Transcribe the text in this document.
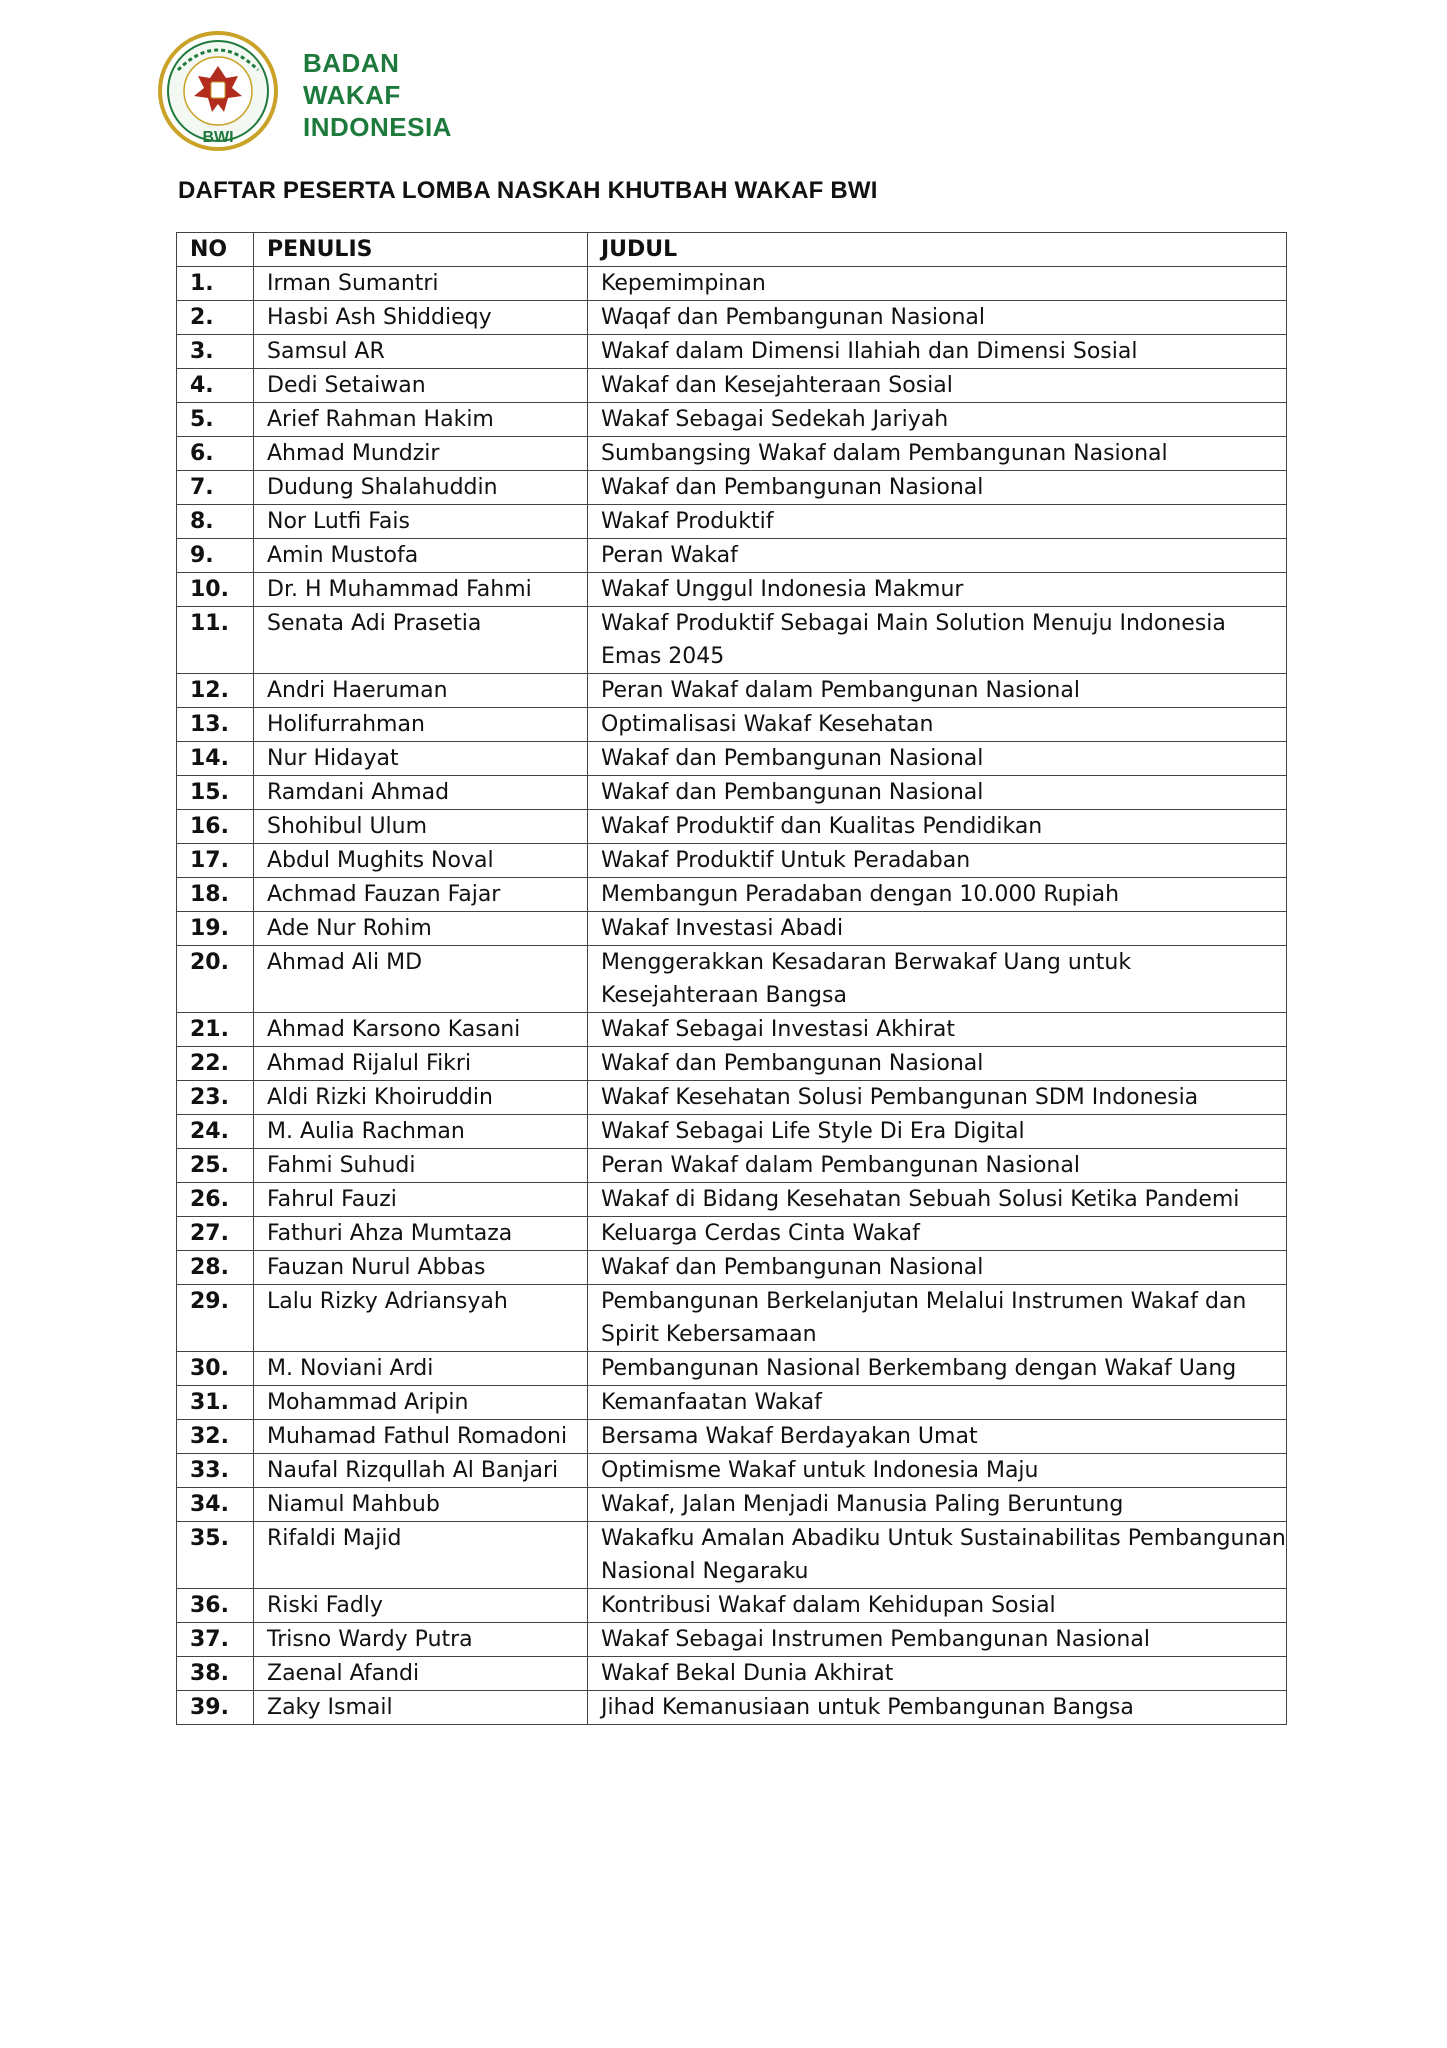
BWI
BADAN
WAKAF
INDONESIA
DAFTAR PESERTA LOMBA NASKAH KHUTBAH WAKAF BWI
NO	PENULIS	JUDUL
1.	Irman Sumantri	Kepemimpinan
2.	Hasbi Ash Shiddieqy	Waqaf dan Pembangunan Nasional
3.	Samsul AR	Wakaf dalam Dimensi Ilahiah dan Dimensi Sosial
4.	Dedi Setaiwan	Wakaf dan Kesejahteraan Sosial
5.	Arief Rahman Hakim	Wakaf Sebagai Sedekah Jariyah
6.	Ahmad Mundzir	Sumbangsing Wakaf dalam Pembangunan Nasional
7.	Dudung Shalahuddin	Wakaf dan Pembangunan Nasional
8.	Nor Lutfi Fais	Wakaf Produktif
9.	Amin Mustofa	Peran Wakaf
10.	Dr. H Muhammad Fahmi	Wakaf Unggul Indonesia Makmur
11.	Senata Adi Prasetia	Wakaf Produktif Sebagai Main Solution Menuju Indonesia Emas 2045
12.	Andri Haeruman	Peran Wakaf dalam Pembangunan Nasional
13.	Holifurrahman	Optimalisasi Wakaf Kesehatan
14.	Nur Hidayat	Wakaf dan Pembangunan Nasional
15.	Ramdani Ahmad	Wakaf dan Pembangunan Nasional
16.	Shohibul Ulum	Wakaf Produktif dan Kualitas Pendidikan
17.	Abdul Mughits Noval	Wakaf Produktif Untuk Peradaban
18.	Achmad Fauzan Fajar	Membangun Peradaban dengan 10.000 Rupiah
19.	Ade Nur Rohim	Wakaf Investasi Abadi
20.	Ahmad Ali MD	Menggerakkan Kesadaran Berwakaf Uang untuk Kesejahteraan Bangsa
21.	Ahmad Karsono Kasani	Wakaf Sebagai Investasi Akhirat
22.	Ahmad Rijalul Fikri	Wakaf dan Pembangunan Nasional
23.	Aldi Rizki Khoiruddin	Wakaf Kesehatan Solusi Pembangunan SDM Indonesia
24.	M. Aulia Rachman	Wakaf Sebagai Life Style Di Era Digital
25.	Fahmi Suhudi	Peran Wakaf dalam Pembangunan Nasional
26.	Fahrul Fauzi	Wakaf di Bidang Kesehatan Sebuah Solusi Ketika Pandemi
27.	Fathuri Ahza Mumtaza	Keluarga Cerdas Cinta Wakaf
28.	Fauzan Nurul Abbas	Wakaf dan Pembangunan Nasional
29.	Lalu Rizky Adriansyah	Pembangunan Berkelanjutan Melalui Instrumen Wakaf dan Spirit Kebersamaan
30.	M. Noviani Ardi	Pembangunan Nasional Berkembang dengan Wakaf Uang
31.	Mohammad Aripin	Kemanfaatan Wakaf
32.	Muhamad Fathul Romadoni	Bersama Wakaf Berdayakan Umat
33.	Naufal Rizqullah Al Banjari	Optimisme Wakaf untuk Indonesia Maju
34.	Niamul Mahbub	Wakaf, Jalan Menjadi Manusia Paling Beruntung
35.	Rifaldi Majid	Wakafku Amalan Abadiku Untuk Sustainabilitas Pembangunan Nasional Negaraku
36.	Riski Fadly	Kontribusi Wakaf dalam Kehidupan Sosial
37.	Trisno Wardy Putra	Wakaf Sebagai Instrumen Pembangunan Nasional
38.	Zaenal Afandi	Wakaf Bekal Dunia Akhirat
39.	Zaky Ismail	Jihad Kemanusiaan untuk Pembangunan Bangsa
